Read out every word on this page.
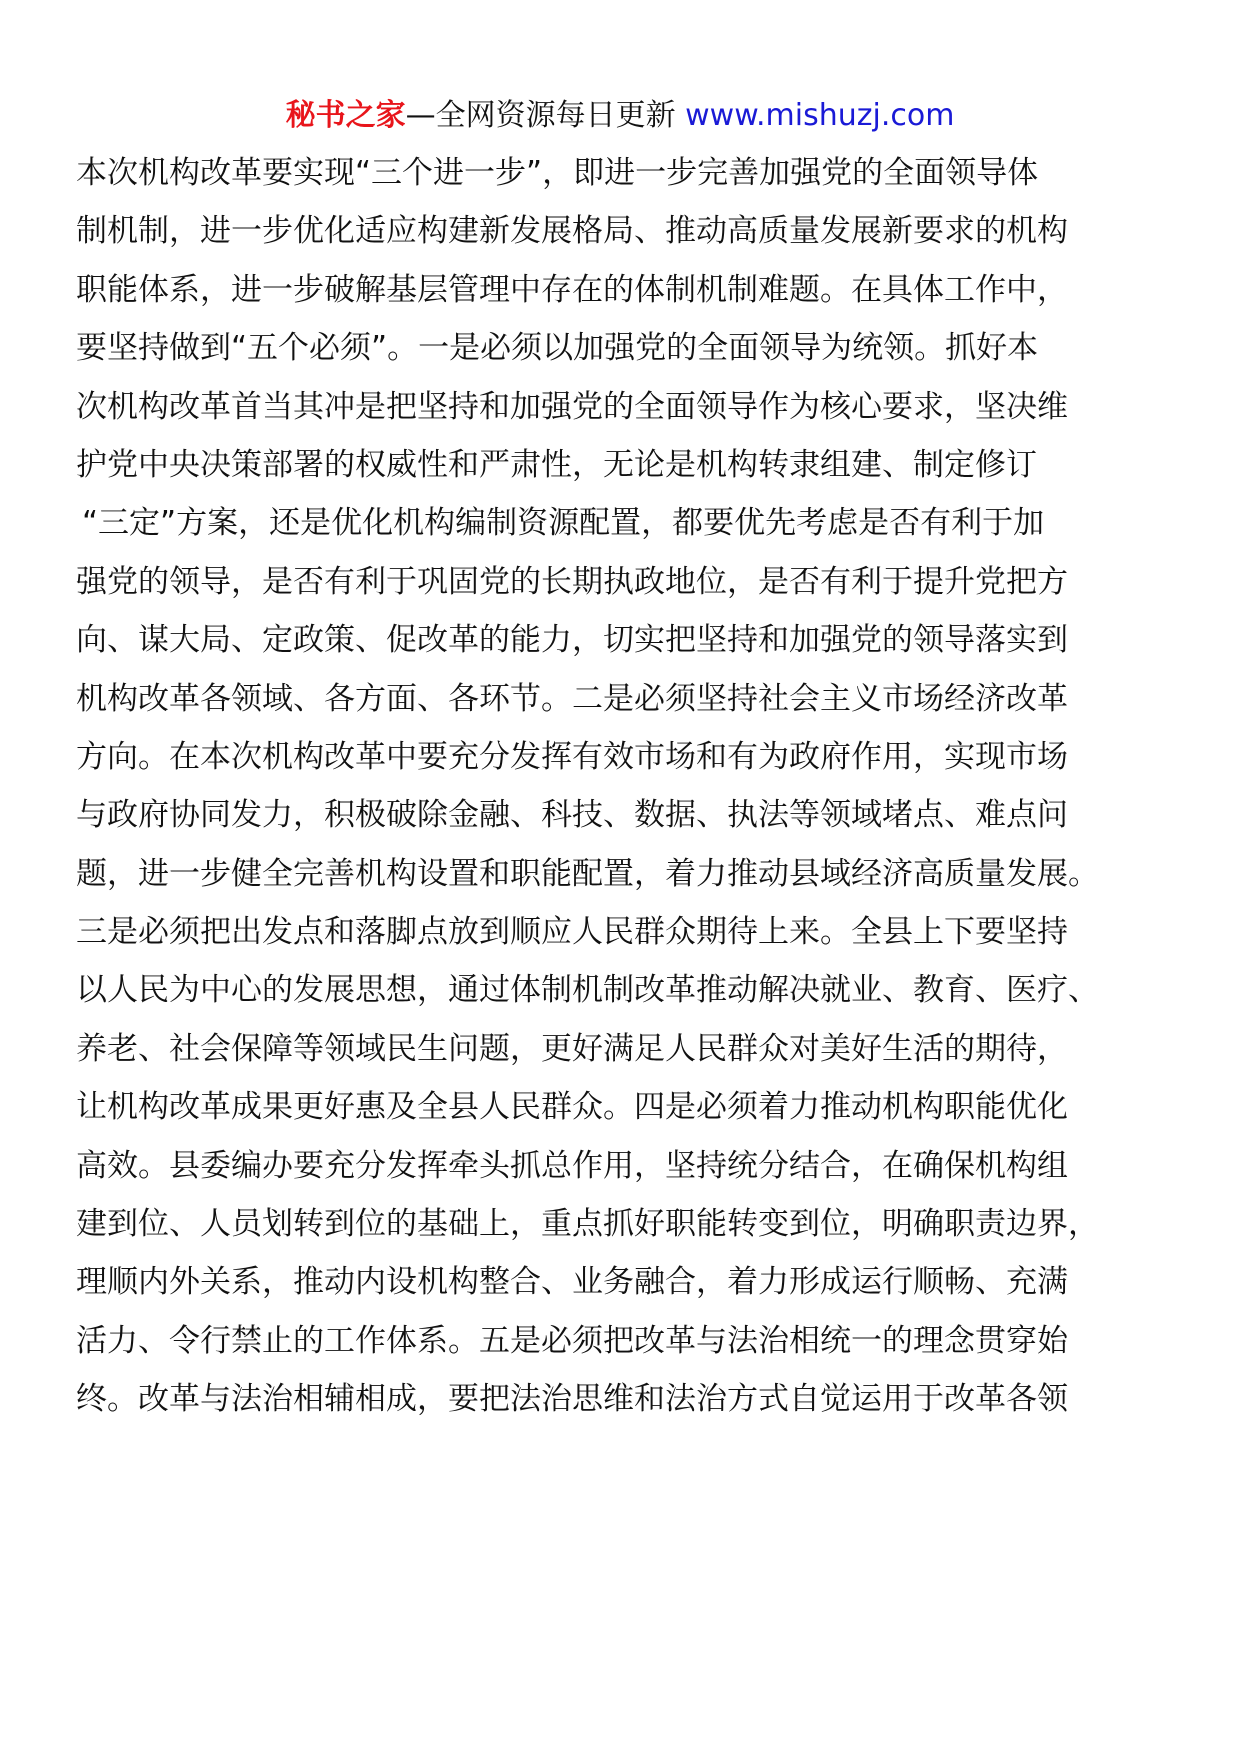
秘书之家—全网资源每日更新 www.mishuzj.com
本次机构改革要实现“三个进一步”，即进一步完善加强党的全面领导体
制机制，进一步优化适应构建新发展格局、推动高质量发展新要求的机构
职能体系，进一步破解基层管理中存在的体制机制难题。在具体工作中，
要坚持做到“五个必须”。一是必须以加强党的全面领导为统领。抓好本
次机构改革首当其冲是把坚持和加强党的全面领导作为核心要求，坚决维
护党中央决策部署的权威性和严肃性，无论是机构转隶组建、制定修订
“三定”方案，还是优化机构编制资源配置，都要优先考虑是否有利于加
强党的领导，是否有利于巩固党的长期执政地位，是否有利于提升党把方
向、谋大局、定政策、促改革的能力，切实把坚持和加强党的领导落实到
机构改革各领域、各方面、各环节。二是必须坚持社会主义市场经济改革
方向。在本次机构改革中要充分发挥有效市场和有为政府作用，实现市场
与政府协同发力，积极破除金融、科技、数据、执法等领域堵点、难点问
题，进一步健全完善机构设置和职能配置，着力推动县域经济高质量发展。
三是必须把出发点和落脚点放到顺应人民群众期待上来。全县上下要坚持
以人民为中心的发展思想，通过体制机制改革推动解决就业、教育、医疗、
养老、社会保障等领域民生问题，更好满足人民群众对美好生活的期待，
让机构改革成果更好惠及全县人民群众。四是必须着力推动机构职能优化
高效。县委编办要充分发挥牵头抓总作用，坚持统分结合，在确保机构组
建到位、人员划转到位的基础上，重点抓好职能转变到位，明确职责边界，
理顺内外关系，推动内设机构整合、业务融合，着力形成运行顺畅、充满
活力、令行禁止的工作体系。五是必须把改革与法治相统一的理念贯穿始
终。改革与法治相辅相成，要把法治思维和法治方式自觉运用于改革各领
